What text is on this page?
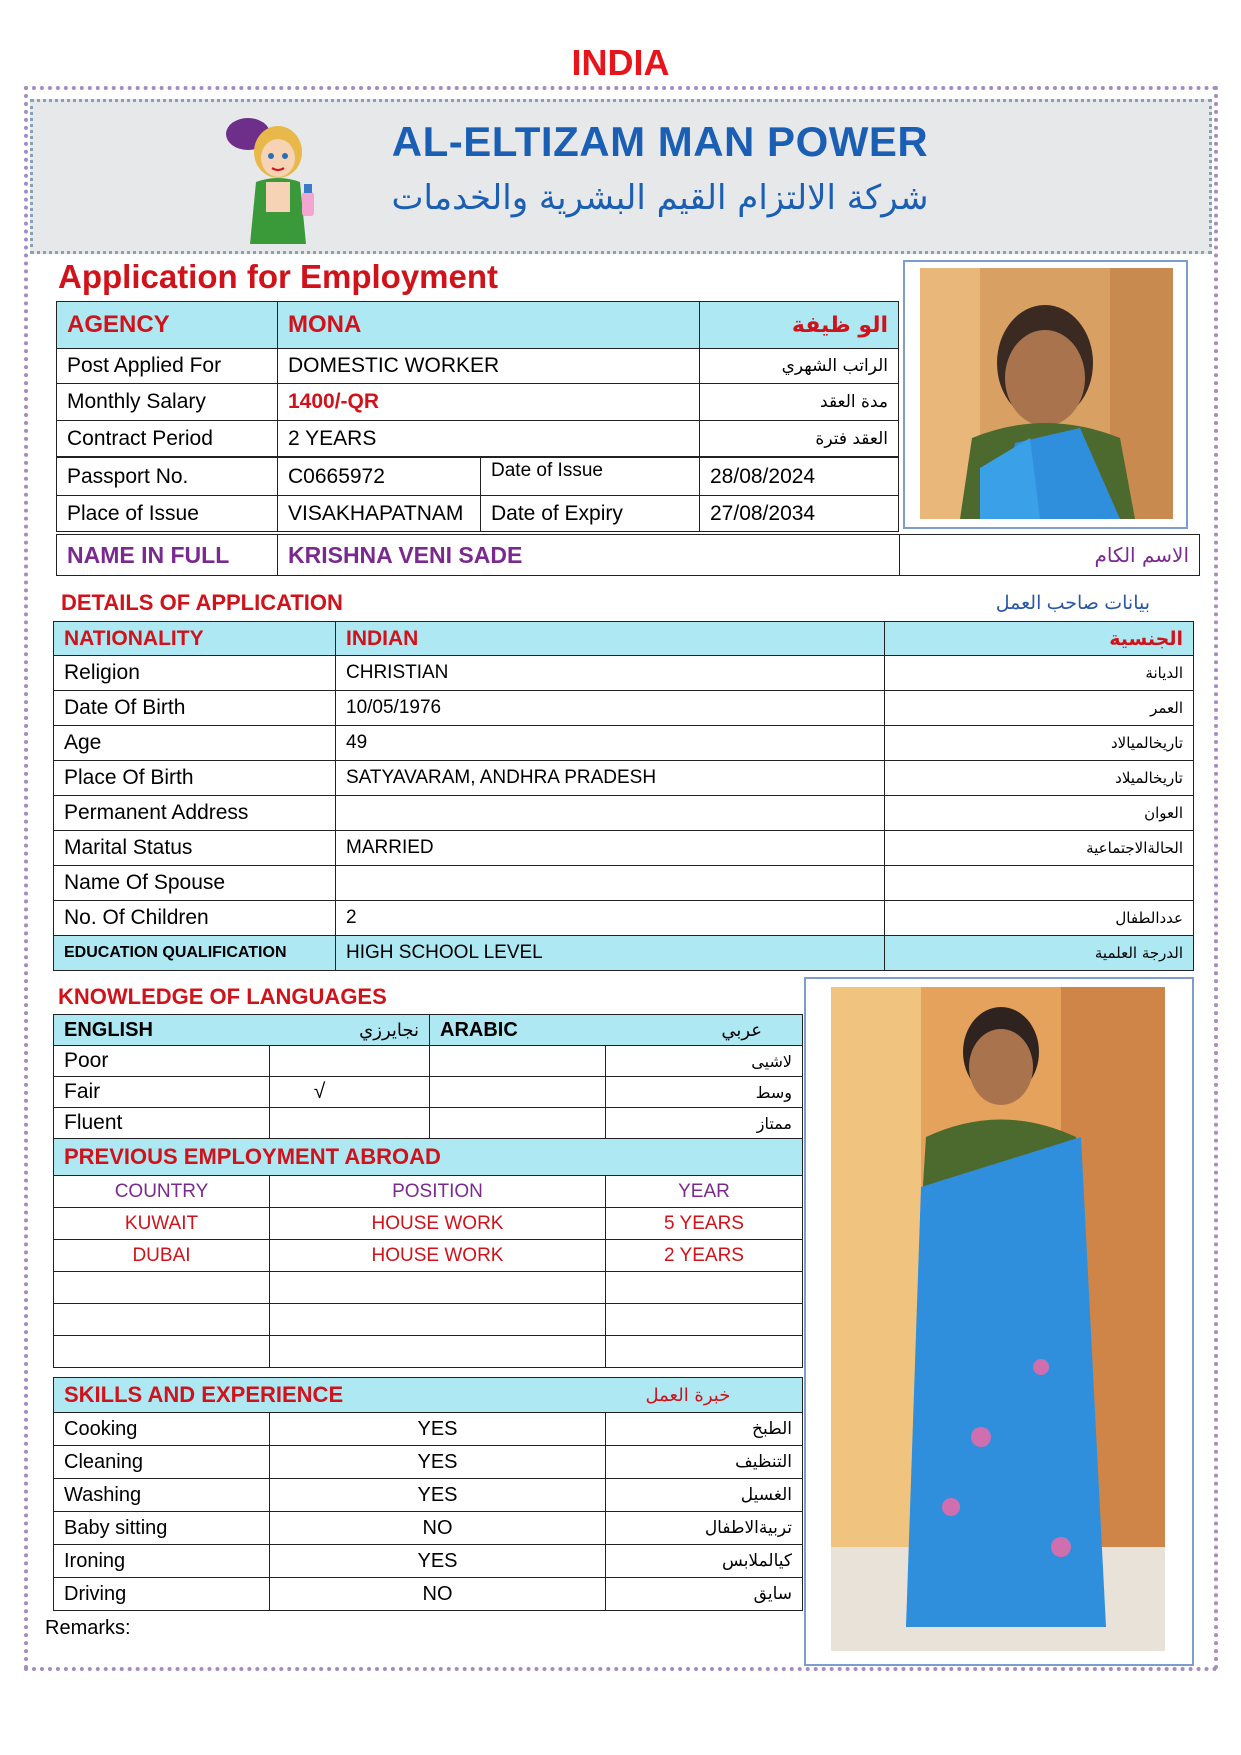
INDIA
AL-ELTIZAM MAN POWER
شركة الالتزام القيم البشرية والخدمات
Application for Employment
AGENCY	MONA	الو ظيفة
Post Applied For	DOMESTIC WORKER	الراتب الشهري
Monthly Salary	1400/-QR	مدة العقد
Contract Period	2 YEARS	العقد فترة
Passport No.	C0665972	Date of Issue	28/08/2024
Place of Issue	VISAKHAPATNAM	Date of Expiry	27/08/2034
NAME IN FULL	KRISHNA VENI SADE	الاسم الكام
DETAILS OF APPLICATION	بيانات صاحب العمل
NATIONALITY	INDIAN	الجنسية
Religion	CHRISTIAN	الديانة
Date Of Birth	10/05/1976	العمر
Age	49	تاريخالميالاد
Place Of Birth	SATYAVARAM, ANDHRA PRADESH	تاريخالميلاد
Permanent Address		العوان
Marital Status	MARRIED	الحالةالاجتماعية
Name Of Spouse		
No. Of Children	2	عددالطفال
EDUCATION QUALIFICATION	HIGH SCHOOL LEVEL	الدرجة العلمية
KNOWLEDGE OF LANGUAGES
ENGLISH	نجايرزي	ARABIC	عربي
Poor			لاشيى
Fair	√		وسط
Fluent			ممتاز
PREVIOUS EMPLOYMENT ABROAD		
COUNTRY	POSITION	YEAR
KUWAIT	HOUSE WORK	5 YEARS
DUBAI	HOUSE WORK	2 YEARS

SKILLS AND EXPERIENCE		خبرة العمل
Cooking	YES	الطبخ
Cleaning	YES	التنظيف
Washing	YES	الغسيل
Baby sitting	NO	تربيةالاطفال
Ironing	YES	كيالملابس
Driving	NO	سايق
Remarks:
